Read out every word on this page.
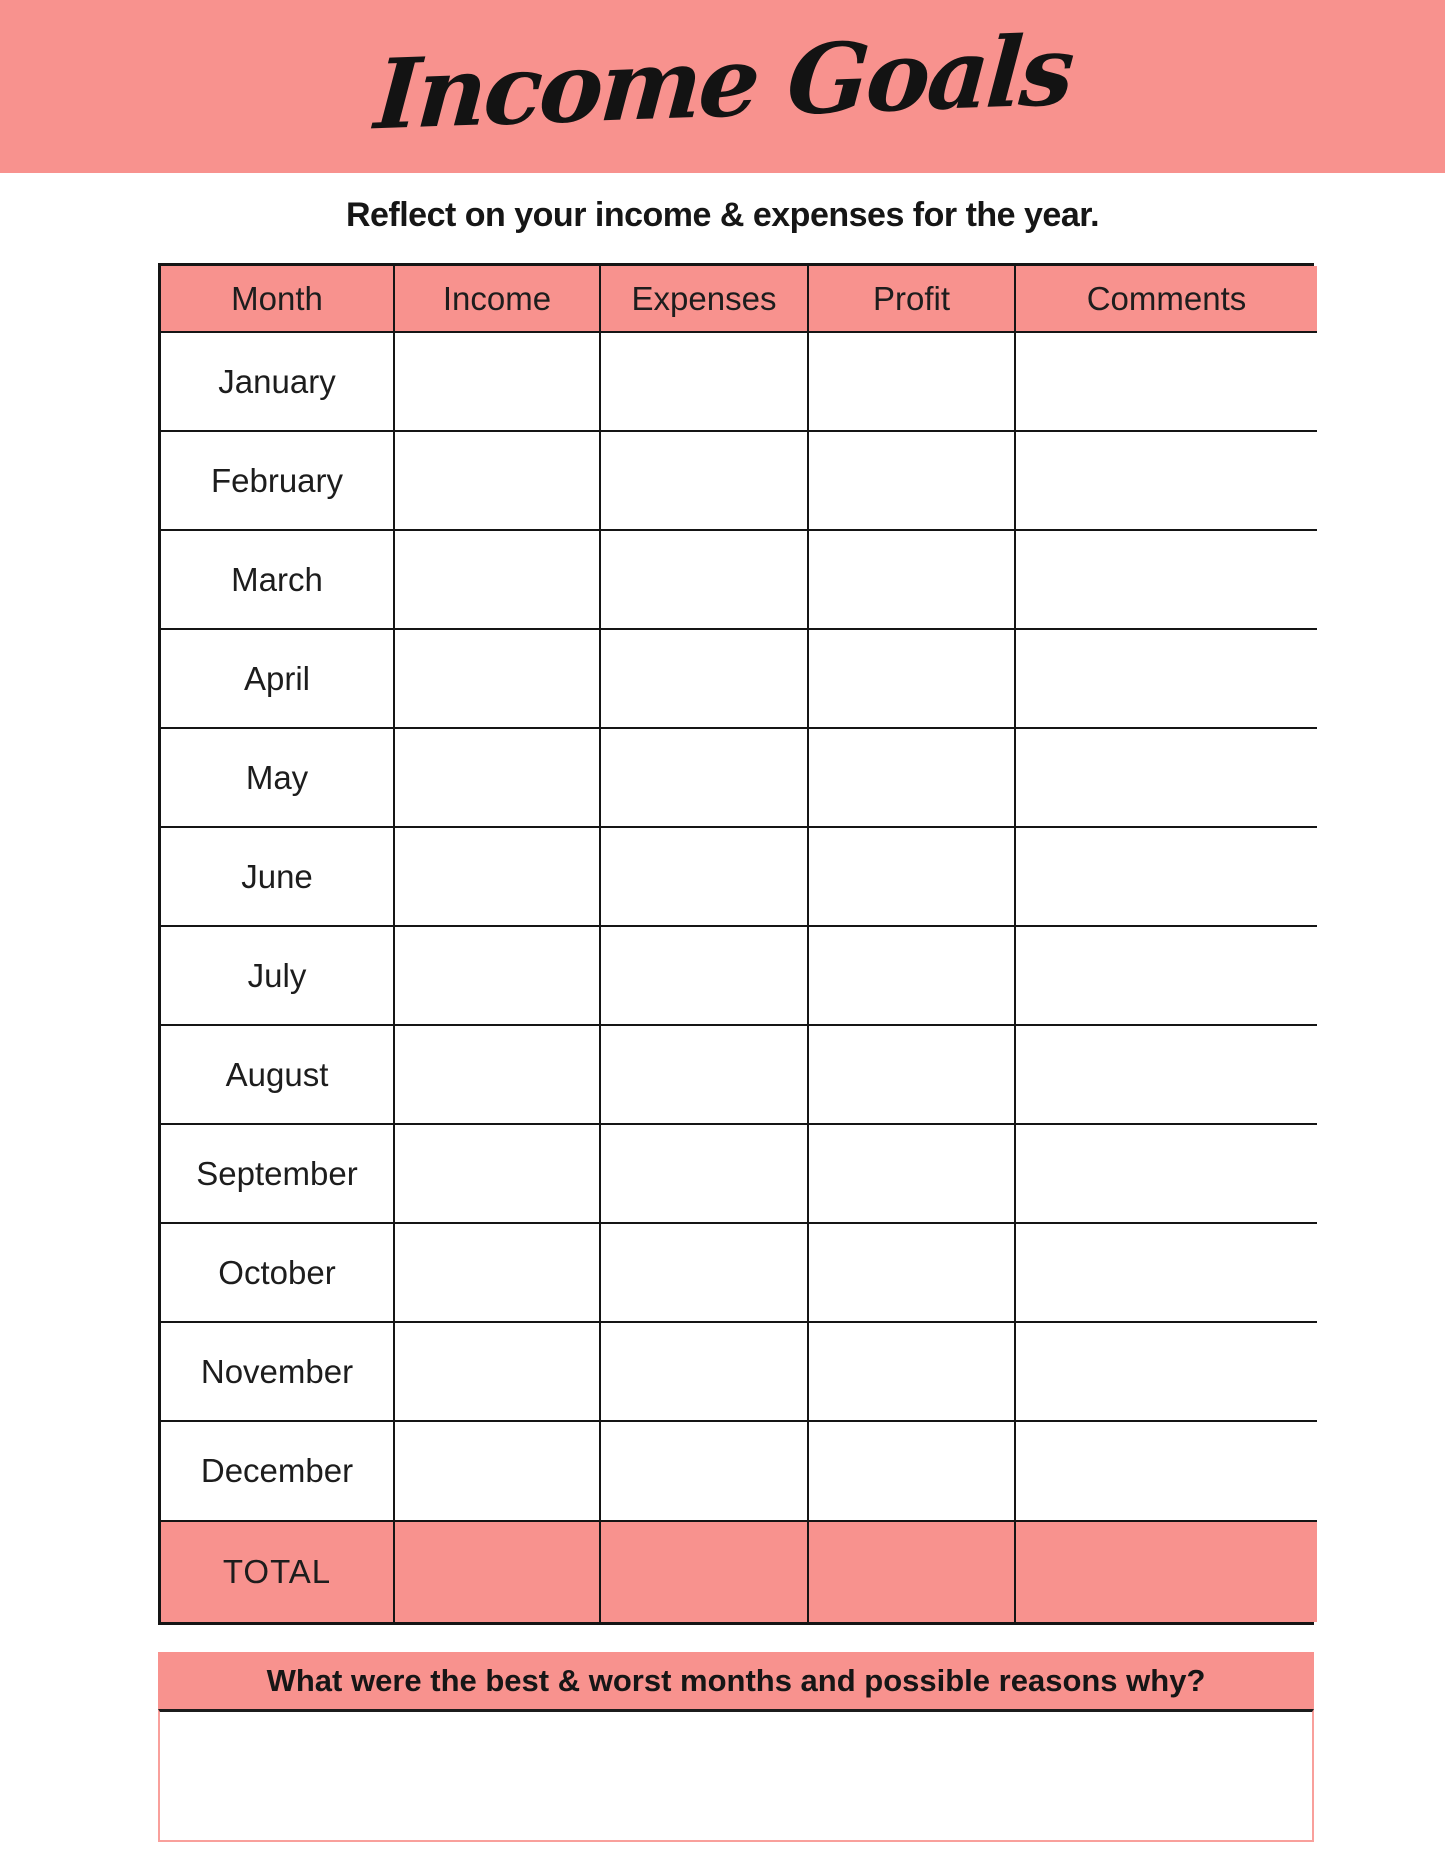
Income Goals
Reflect on your income & expenses for the year.
Month	Income	Expenses	Profit	Comments
January
February
March
April
May
June
July
August
September
October
November
December
TOTAL
What were the best & worst months and possible reasons why?
